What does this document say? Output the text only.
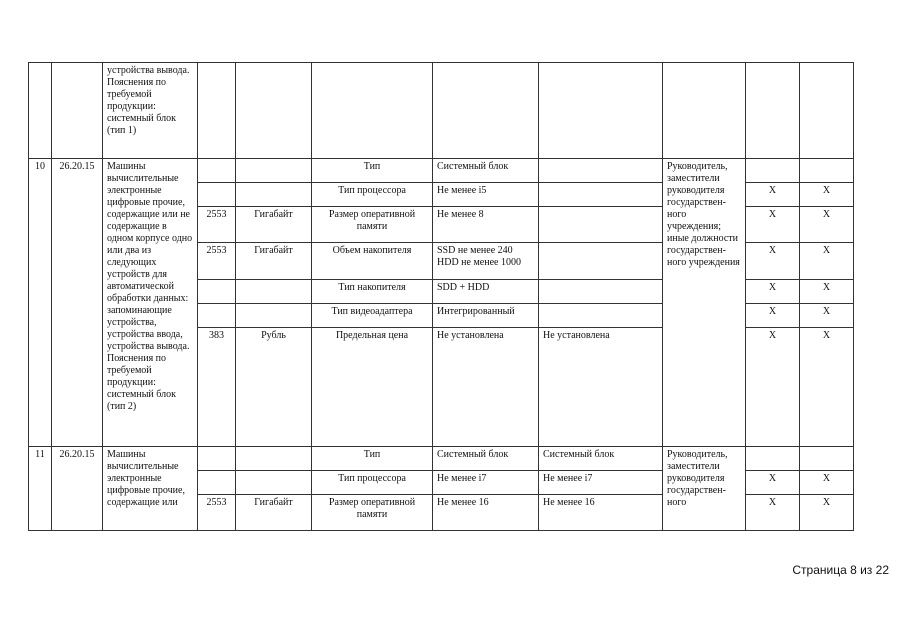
		устройства вывода. Пояснения по требуемой продукции: системный блок (тип 1)								
10	26.20.15	Машины вычислительные электронные цифровые прочие, содержащие или не содержащие в одном корпусе одно или два из следующих устройств для автоматической обработки данных: запоминающие устройства, устройства ввода, устройства вывода. Пояснения по требуемой продукции: системный блок (тип 2)			Тип	Системный блок		Руководитель, заместители руководителя государствен-ного учреждения; иные должности государствен-ного учреждения		
					Тип процессора	Не менее i5			X	X
			2553	Гигабайт	Размер оперативной памяти	Не менее 8			X	X
			2553	Гигабайт	Объем накопителя	SSD не менее 240 HDD не менее 1000			X	X
					Тип накопителя	SDD + HDD			X	X
					Тип видеоадаптера	Интегрированный			X	X
			383	Рубль	Предельная цена	Не установлена	Не установлена		X	X
11	26.20.15	Машины вычислительные электронные цифровые прочие, содержащие или			Тип	Системный блок	Системный блок	Руководитель, заместители руководителя государствен-ного		
					Тип процессора	Не менее i7	Не менее i7		X	X
			2553	Гигабайт	Размер оперативной памяти	Не менее 16	Не менее 16		X	X
Страница 8 из 22
